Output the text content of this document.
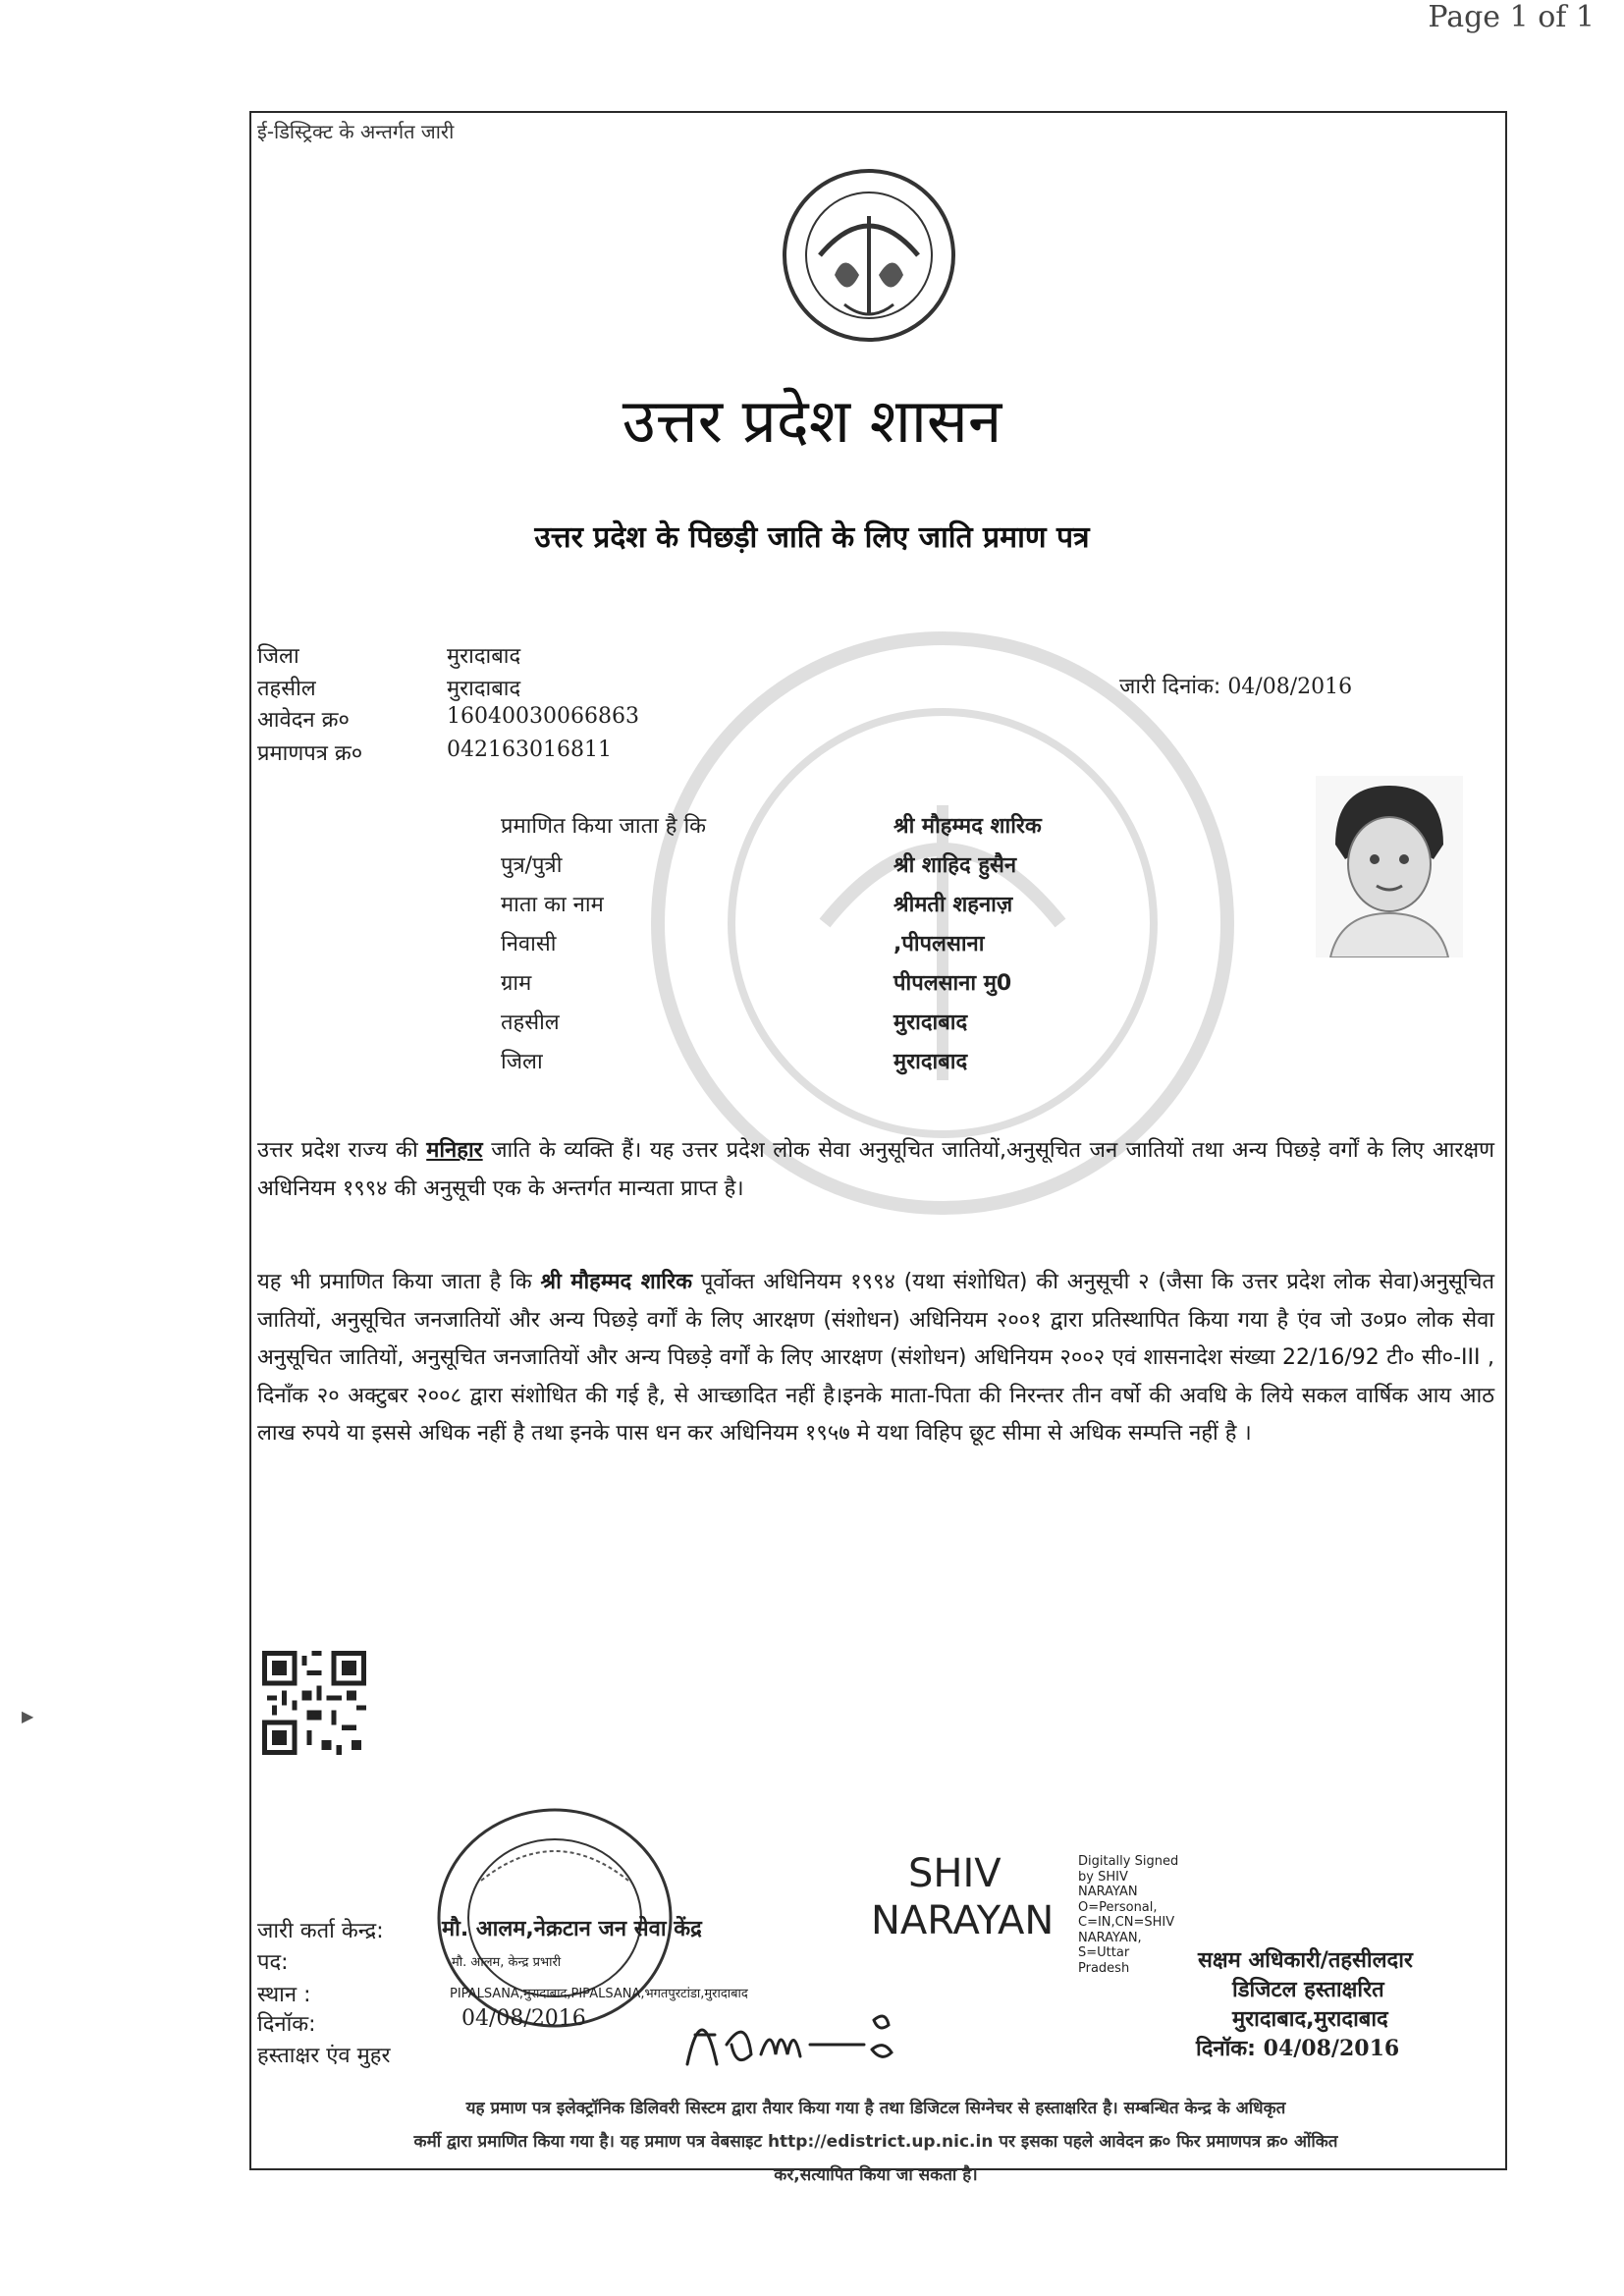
Page 1 of 1
ई-डिस्ट्रिक्ट के अन्तर्गत जारी
उत्तर प्रदेश शासन
उत्तर प्रदेश के पिछड़ी जाति के लिए जाति प्रमाण पत्र
जिला	मुरादाबाद
तहसील	मुरादाबाद
आवेदन क्र०	16040030066863
प्रमाणपत्र क्र०	042163016811
जारी दिनांक: 04/08/2016
प्रमाणित किया जाता है कि	श्री मौहम्मद शारिक
पुत्र/पुत्री	श्री शाहिद हुसैन
माता का नाम	श्रीमती शहनाज़
निवासी	,पीपलसाना
ग्राम	पीपलसाना मु0
तहसील	मुरादाबाद
जिला	मुरादाबाद
उत्तर प्रदेश राज्य की मनिहार जाति के व्यक्ति हैं। यह उत्तर प्रदेश लोक सेवा अनुसूचित जातियों,अनुसूचित जन जातियों तथा अन्य पिछड़े वर्गों के लिए आरक्षण अधिनियम १९९४ की अनुसूची एक के अन्तर्गत मान्यता प्राप्त है।
यह भी प्रमाणित किया जाता है कि श्री मौहम्मद शारिक पूर्वोक्त अधिनियम १९९४ (यथा संशोधित) की अनुसूची २ (जैसा कि उत्तर प्रदेश लोक सेवा)अनुसूचित जातियों, अनुसूचित जनजातियों और अन्य पिछड़े वर्गों के लिए आरक्षण (संशोधन) अधिनियम २००१ द्वारा प्रतिस्थापित किया गया है एंव जो उ०प्र० लोक सेवा अनुसूचित जातियों, अनुसूचित जनजातियों और अन्य पिछड़े वर्गों के लिए आरक्षण (संशोधन) अधिनियम २००२ एवं शासनादेश संख्या 22/16/92 टी० सी०-III , दिनाँक २० अक्टुबर २००८ द्वारा संशोधित की गई है, से आच्छादित नहीं है।इनके माता-पिता की निरन्तर तीन वर्षो की अवधि के लिये सकल वार्षिक आय आठ लाख रुपये या इससे अधिक नहीं है तथा इनके पास धन कर अधिनियम १९५७ मे यथा विहिप छूट सीमा से अधिक सम्पत्ति नहीं है ।
SHIV
NARAYAN
Digitally Signed
by SHIV
NARAYAN
O=Personal,
C=IN,CN=SHIV
NARAYAN,
S=Uttar
Pradesh
जारी कर्ता केन्द्र:	मौ. आलम,नेक्रटान जन सेवा केंद्र
पद:	मौ. आलम, केन्द्र प्रभारी
स्थान :	PIPALSANA,मुरादाबाद,PIPALSANA,भगतपुरटांडा,मुरादाबाद
दिनॉक:	04/08/2016
हस्ताक्षर एंव मुहर
सक्षम अधिकारी/तहसीलदार
डिजिटल हस्ताक्षरित
मुरादाबाद,मुरादाबाद
दिनॉक: 04/08/2016
यह प्रमाण पत्र इलेक्ट्रॉनिक डिलिवरी सिस्टम द्वारा तैयार किया गया है तथा डिजिटल सिग्नेचर से हस्ताक्षरित है। सम्बन्धित केन्द्र के अधिकृत
कर्मी द्वारा प्रमाणित किया गया है। यह प्रमाण पत्र वेबसाइट http://edistrict.up.nic.in पर इसका पहले आवेदन क्र० फिर प्रमाणपत्र क्र० ओंकित
कर,सत्यापित किया जा सकता है।
▶
